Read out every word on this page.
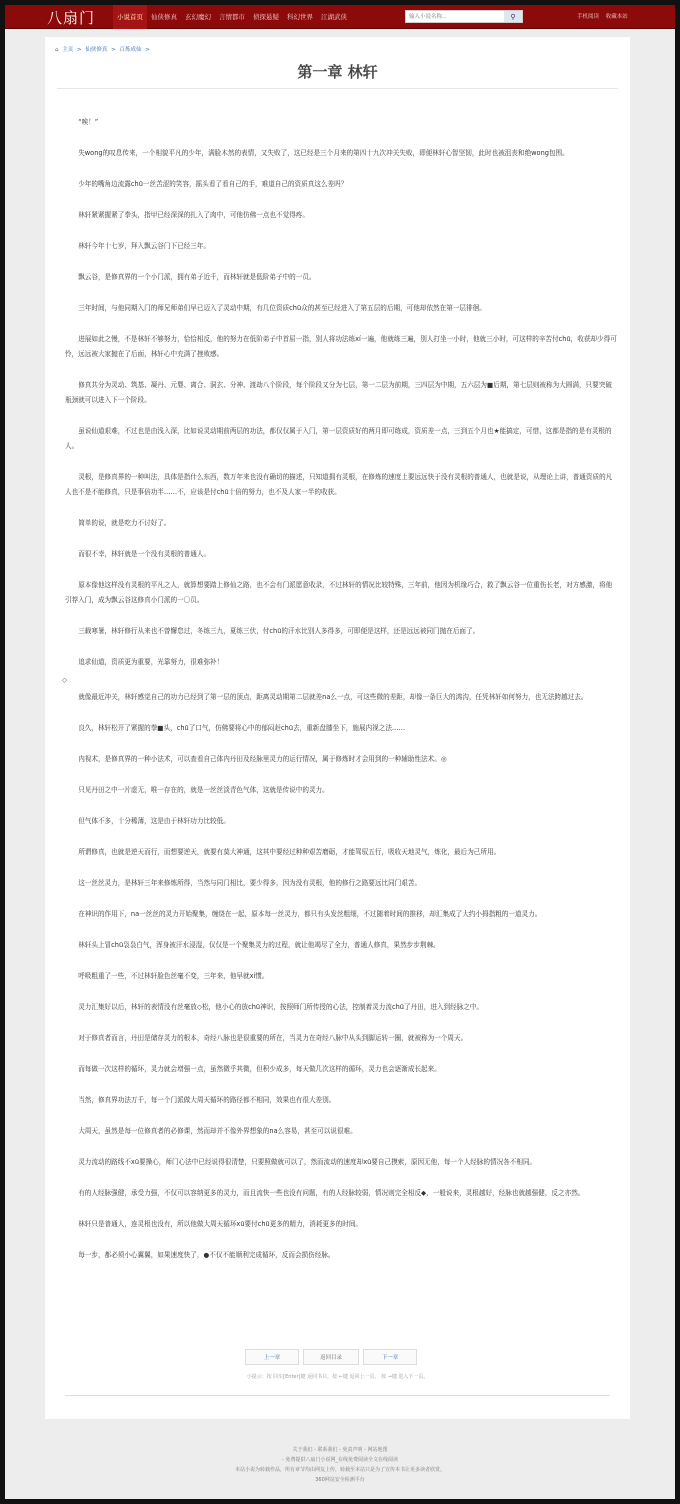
八扇门	小说首页	仙侠修真	玄幻魔幻	言情都市	侦探悬疑	科幻世界	江湖武侠
输入小说名称...	⚲	手机阅读 收藏本站
⌂ 主页 > 仙侠修真 > 百炼成仙 >
第一章 林轩

“唉！”

失wong的叹息传来，一个相貌平凡的少年，满脸木然的表情，又失败了，这已经是三个月来的第四十九次冲关失败，即便林轩心智坚韧，此时也被沮丧和绝wong包围。

少年的嘴角边流露chū一丝苦涩的笑容，摇头看了看自己的手，难道自己的资质真这么差吗？

林轩紧紧握紧了拳头，指甲已经深深的扎入了肉中，可他仿佛一点也不觉得疼。

林轩今年十七岁，拜入飘云谷门下已经三年。

飘云谷，是修真界的一个小门派，拥有弟子近千，而林轩就是低阶弟子中的一员。

三年时间，与他同期入门的师兄师弟们早已迈入了灵动中期，有几位资质chū众的甚至已经进入了第五层的后期，可他却依然在第一层徘徊。

进展如此之慢，不是林轩不够努力，恰恰相反，他的努力在低阶弟子中首屈一指，别人将功法练xí一遍，他就练三遍，别人打坐一小时，他就三小时，可这样的辛苦付chū，收获却少得可怜，远远被大家抛在了后面，林轩心中充满了挫败感。

修真共分为灵动、筑基、凝丹、元婴、离合、洞玄、分神、渡劫八个阶段，每个阶段又分为七层，第一二层为前期，三四层为中期，五六层为■后期，第七层则被称为大圆满，只要突破瓶颈就可以进入下一个阶段。

虽说仙道艰难，不过也是由浅入深，比如说灵动期前两层的功法，都仅仅属于入门，第一层资质好的两月即可练成，资质差一点，三到五个月也★能搞定，可惜，这都是指的是有灵根的人。

灵根，是修真界的一种叫法，具体是指什么东西，数万年来也没有确切的描述，只知道拥有灵根，在修炼的速度上要远远快于没有灵根的普通人，也就是说，从理论上讲，普通资质的凡人也不是不能修真，只是事倍功半……不，应该是付chū十倍的努力，也不及人家一半的收获。

简单的说，就是吃力不讨好了。

而很不幸，林轩就是一个没有灵根的普通人。

原本像他这样没有灵根的平凡之人，就算想要踏上修仙之路，也不会有门派愿意收录，不过林轩的情况比较特殊，三年前，他因为机缘巧合，救了飘云谷一位重伤长老，对方感激，将他引荐入门，成为飘云谷这修真小门派的一〇员。

三载寒暑，林轩修行从来也不曾懈怠过，冬练三九，夏练三伏，付chū的汗水比别人多得多，可即便是这样，还是远远被同门抛在后面了。

追求仙道，资质更为重要，光靠努力，很难弥补！

◇

就像最近冲关，林轩感觉自己的功力已经到了第一层的顶点，距离灵动期第二层就差na么一点，可这些微的差距，却像一条巨大的鸿沟，任凭林轩如何努力，也无法跨越过去。

良久，林轩松开了紧握的拳■头，chū了口气，仿佛要将心中的郁闷赶chū去，重新盘膝坐下，施展内视之法……

内视术，是修真界的一种小法术，可以查看自己体内丹田及经脉里灵力的运行情况，属于修炼时才会用到的一种辅助性法术。◎

只见丹田之中一片虚无，唯一存在的，就是一丝丝淡青色气体，这就是传说中的灵力。

但气体不多，十分稀薄，这是由于林轩功力比较低。

所谓修真，也就是逆天而行，而想要逆天，就要有莫大神通，这其中要经过种种艰苦磨砺，才能驾驭五行，吸收天地灵气，炼化，最后为己所用。

这一丝丝灵力，是林轩三年来修炼所得，当然与同门相比，要少得多，因为没有灵根，他的修行之路要远比同门艰苦。

在神识的作用下，na一丝丝的灵力开始聚集，缠绕在一起，原本每一丝灵力，都只有头发丝粗细，不过随着时间的推移，却汇集成了大约小拇指粗的一道灵力。

林轩头上冒chū袅袅白气，浑身被汗水浸湿，仅仅是一个聚集灵力的过程，就让他竭尽了全力，普通人修真，果然步步荆棘。

呼吸粗重了一些，不过林轩脸色丝毫不变，三年来，他早就xí惯。

灵力汇集好以后，林轩的表情没有丝毫放◇松，他小心的放chū神识，按照师门所传授的心法，控制着灵力流chū了丹田，进入到经脉之中。

对于修真者而言，丹田是储存灵力的根本，奇经八脉也是很重要的所在，当灵力在奇经八脉中从头到脚运转一圈，就被称为一个周天。

而每做一次这样的循环，灵力就会增强一点，虽然微乎其微，但积少成多，每天做几次这样的循环，灵力也会逐渐成长起来。

当然，修真界功法万千，每一个门派做大周天循环的路径都不相同，效果也有很大差别。

大周天，虽然是每一位修真者的必修课，然而却并不像外界想象的na么容易，甚至可以说很难。

灵力流动的路线不xū要操心，师门心法中已经说得很清楚，只要照做就可以了，然而流动的速度却xū要自己摸索，原因无他，每一个人经脉的情况各不相同。

有的人经脉强健，承受力强，不仅可以容纳更多的灵力，而且流快一些也没有问题，有的人经脉较弱，情况则完全相反◆，一般说来，灵根越好，经脉也就越强健，反之亦然。

林轩只是普通人，连灵根也没有，所以他做大周天循环xū要付chū更多的精力，消耗更多的时间。

每一步，都必须小心翼翼，如果速度快了，●不仅不能顺利完成循环，反而会损伤经脉。

上一章	返回目录	下一章
小提示：按 回车[Enter]键 返回书目，按 ←键 返回上一页， 按 →键 进入下一页。
关于我们 - 联系我们 - 免责声明 - 网站地图
- 免费提供八扇门小说网_在线免费阅读全文在线阅读
本站小说为转载作品，所有章节均由网友上传，转载至本站只是为了宣传本书让更多读者欣赏。
360网站安全检测平台
